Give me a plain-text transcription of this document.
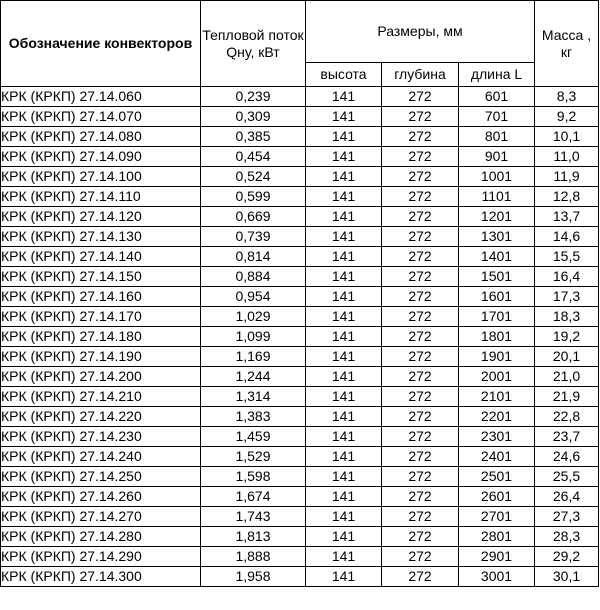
Обозначение конвекторов	Тепловой поток Qну, кВт	Размеры, мм			Масса , кг
		высота	глубина	длина L	
КРК (КРКП) 27.14.060	0,239	141	272	601	8,3
КРК (КРКП) 27.14.070	0,309	141	272	701	9,2
КРК (КРКП) 27.14.080	0,385	141	272	801	10,1
КРК (КРКП) 27.14.090	0,454	141	272	901	11,0
КРК (КРКП) 27.14.100	0,524	141	272	1001	11,9
КРК (КРКП) 27.14.110	0,599	141	272	1101	12,8
КРК (КРКП) 27.14.120	0,669	141	272	1201	13,7
КРК (КРКП) 27.14.130	0,739	141	272	1301	14,6
КРК (КРКП) 27.14.140	0,814	141	272	1401	15,5
КРК (КРКП) 27.14.150	0,884	141	272	1501	16,4
КРК (КРКП) 27.14.160	0,954	141	272	1601	17,3
КРК (КРКП) 27.14.170	1,029	141	272	1701	18,3
КРК (КРКП) 27.14.180	1,099	141	272	1801	19,2
КРК (КРКП) 27.14.190	1,169	141	272	1901	20,1
КРК (КРКП) 27.14.200	1,244	141	272	2001	21,0
КРК (КРКП) 27.14.210	1,314	141	272	2101	21,9
КРК (КРКП) 27.14.220	1,383	141	272	2201	22,8
КРК (КРКП) 27.14.230	1,459	141	272	2301	23,7
КРК (КРКП) 27.14.240	1,529	141	272	2401	24,6
КРК (КРКП) 27.14.250	1,598	141	272	2501	25,5
КРК (КРКП) 27.14.260	1,674	141	272	2601	26,4
КРК (КРКП) 27.14.270	1,743	141	272	2701	27,3
КРК (КРКП) 27.14.280	1,813	141	272	2801	28,3
КРК (КРКП) 27.14.290	1,888	141	272	2901	29,2
КРК (КРКП) 27.14.300	1,958	141	272	3001	30,1
